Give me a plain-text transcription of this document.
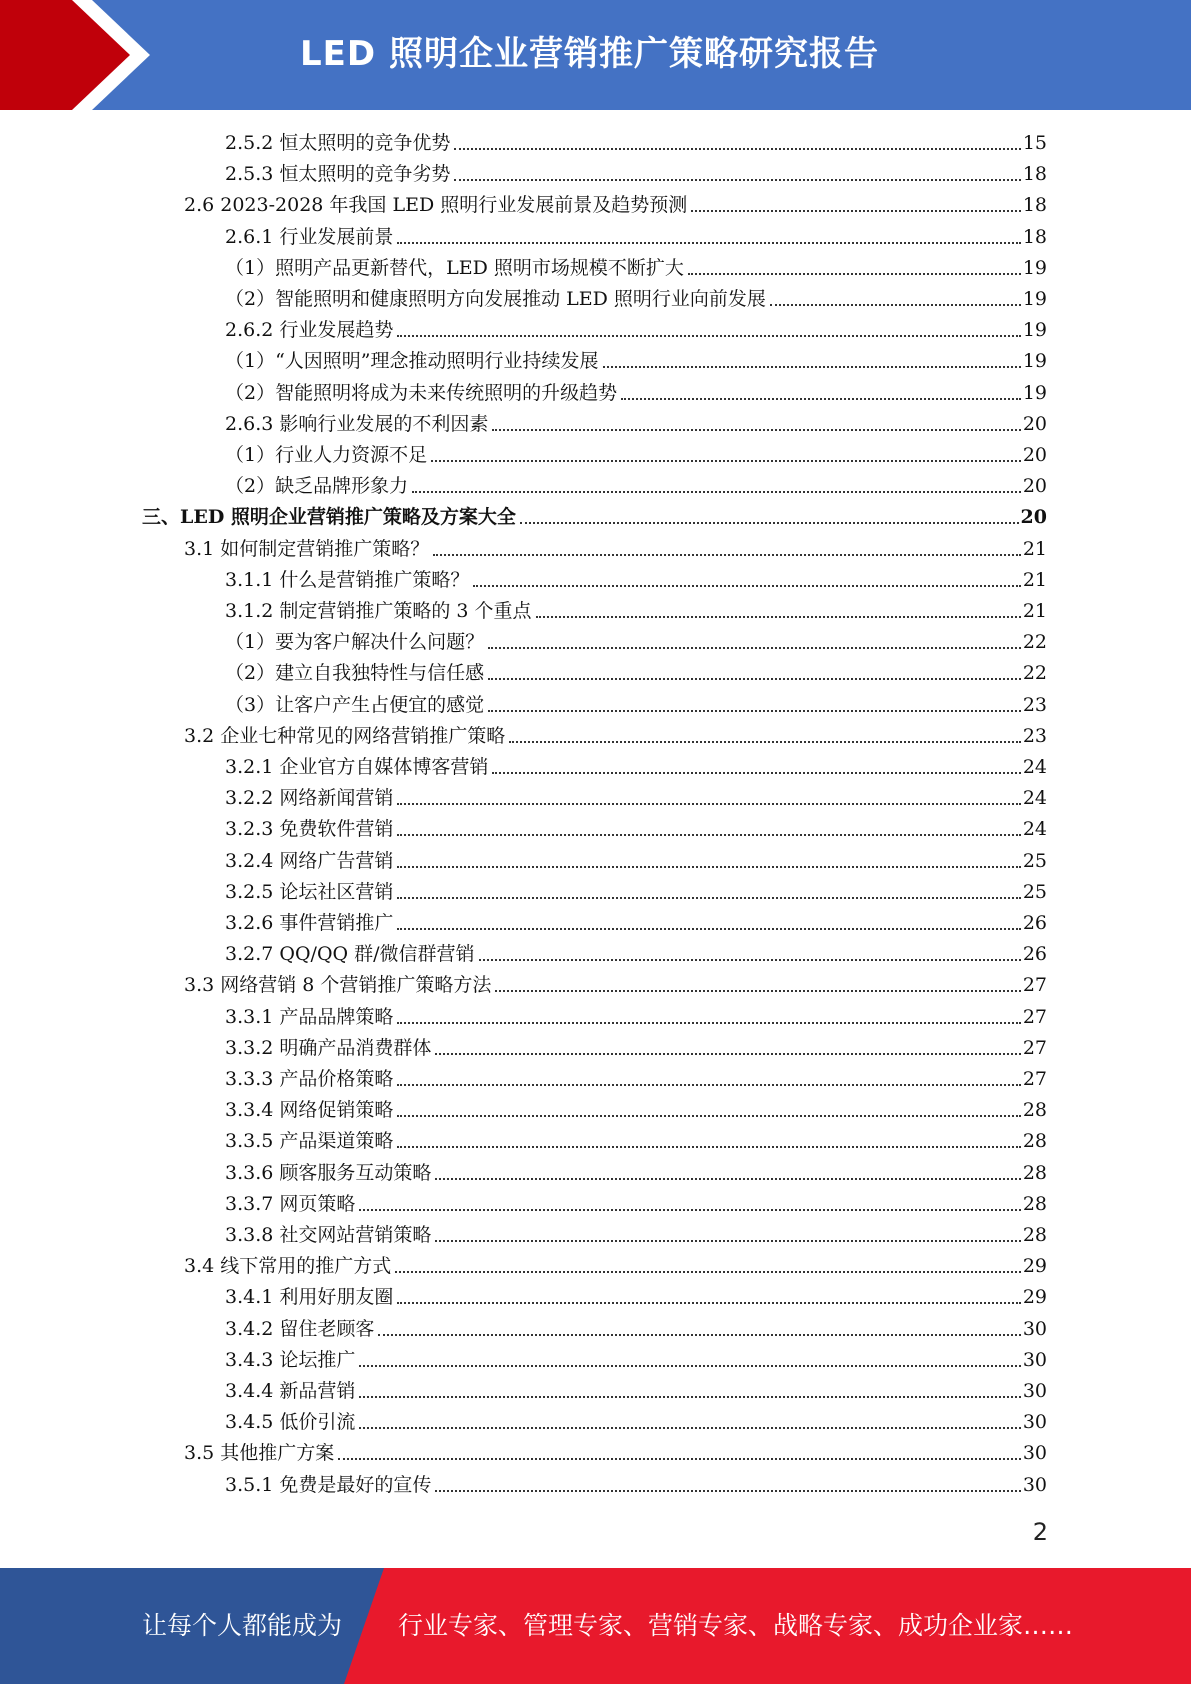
LED 照明企业营销推广策略研究报告
2.5.2 恒太照明的竞争优势	15
2.5.3 恒太照明的竞争劣势	18
2.6 2023-2028 年我国 LED 照明行业发展前景及趋势预测	18
2.6.1 行业发展前景	18
（1）照明产品更新替代，LED 照明市场规模不断扩大	19
（2）智能照明和健康照明方向发展推动 LED 照明行业向前发展	19
2.6.2 行业发展趋势	19
（1）“人因照明”理念推动照明行业持续发展	19
（2）智能照明将成为未来传统照明的升级趋势	19
2.6.3 影响行业发展的不利因素	20
（1）行业人力资源不足	20
（2）缺乏品牌形象力	20
三、LED 照明企业营销推广策略及方案大全	20
3.1 如何制定营销推广策略？	21
3.1.1 什么是营销推广策略？	21
3.1.2 制定营销推广策略的 3 个重点	21
（1）要为客户解决什么问题？	22
（2）建立自我独特性与信任感	22
（3）让客户产生占便宜的感觉	23
3.2 企业七种常见的网络营销推广策略	23
3.2.1 企业官方自媒体博客营销	24
3.2.2 网络新闻营销	24
3.2.3 免费软件营销	24
3.2.4 网络广告营销	25
3.2.5 论坛社区营销	25
3.2.6 事件营销推广	26
3.2.7 QQ/QQ 群/微信群营销	26
3.3 网络营销 8 个营销推广策略方法	27
3.3.1 产品品牌策略	27
3.3.2 明确产品消费群体	27
3.3.3 产品价格策略	27
3.3.4 网络促销策略	28
3.3.5 产品渠道策略	28
3.3.6 顾客服务互动策略	28
3.3.7 网页策略	28
3.3.8 社交网站营销策略	28
3.4 线下常用的推广方式	29
3.4.1 利用好朋友圈	29
3.4.2 留住老顾客	30
3.4.3 论坛推广	30
3.4.4 新品营销	30
3.4.5 低价引流	30
3.5 其他推广方案	30
3.5.1 免费是最好的宣传	30
2
让每个人都能成为 行业专家、管理专家、营销专家、战略专家、成功企业家……
